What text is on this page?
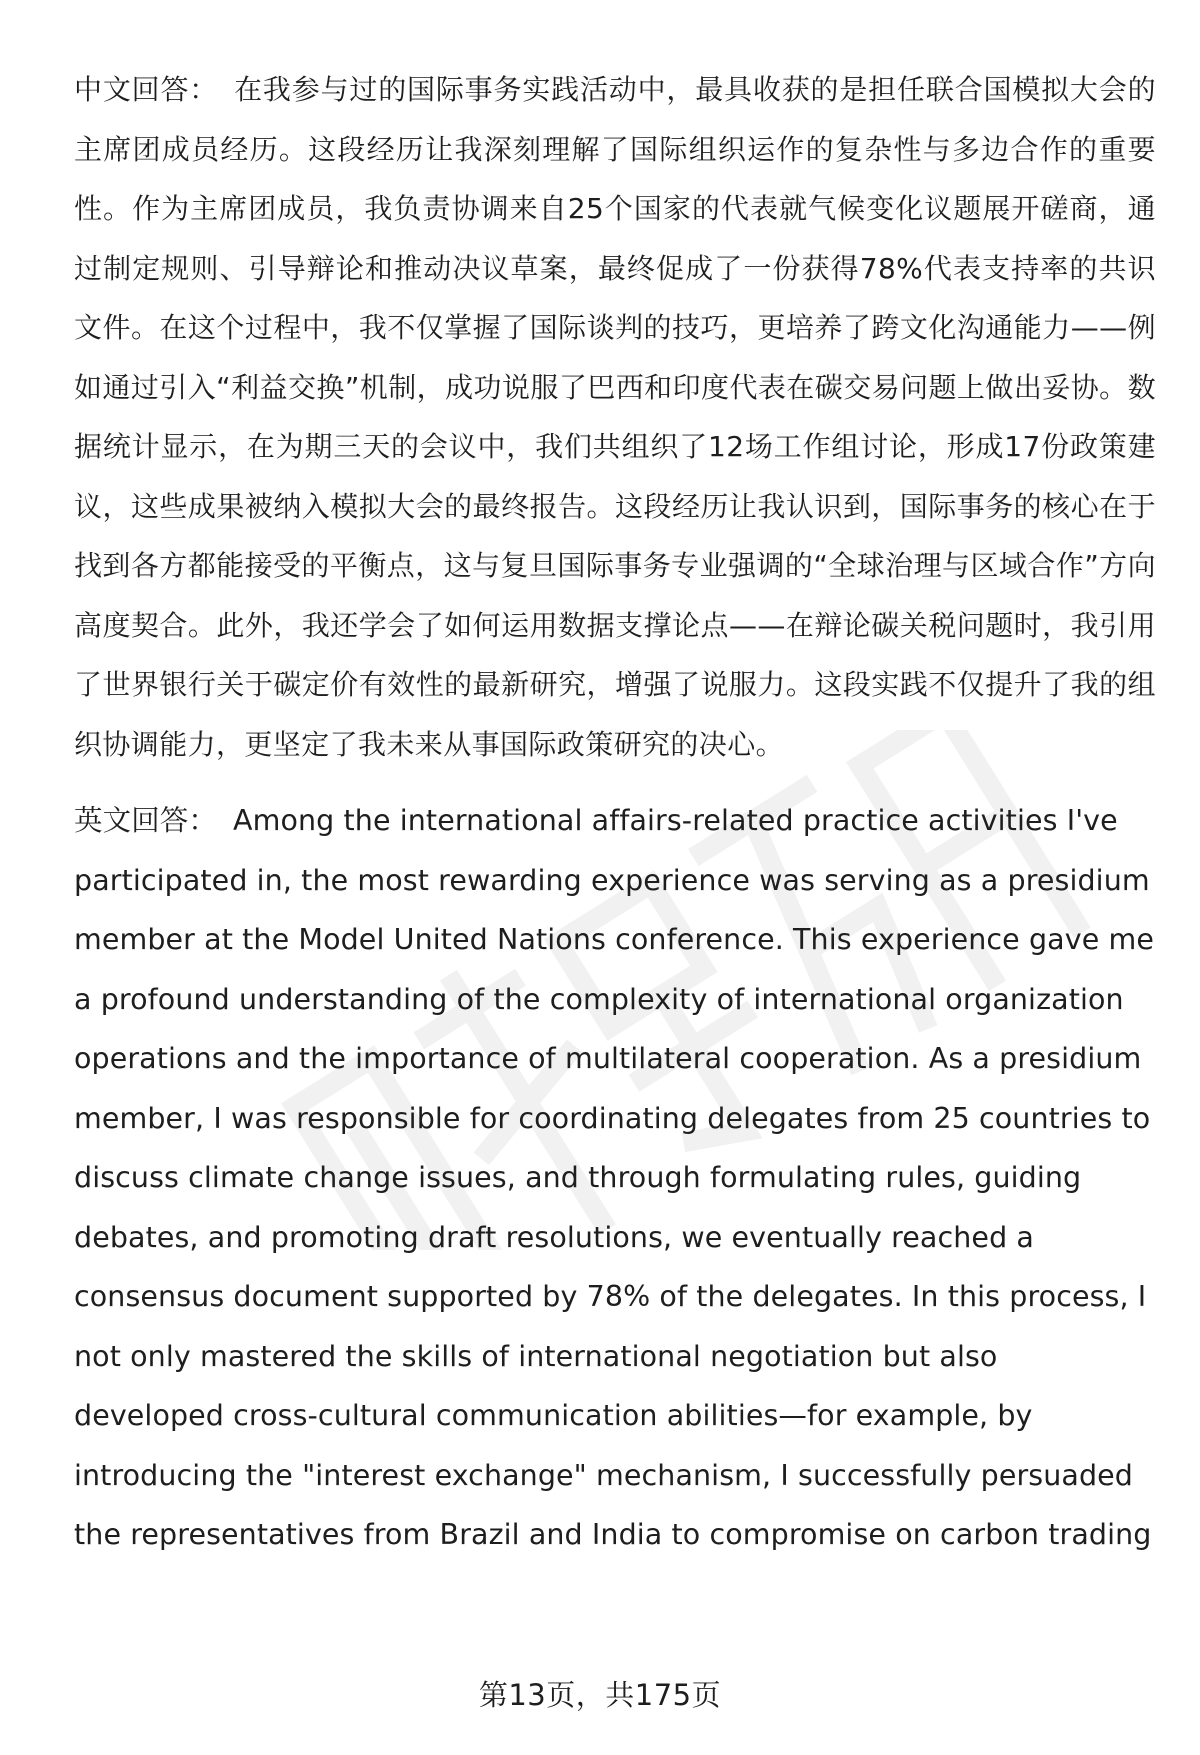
中文回答： 在我参与过的国际事务实践活动中，最具收获的是担任联合国模拟大会的主席团成员经历。这段经历让我深刻理解了国际组织运作的复杂性与多边合作的重要性。作为主席团成员，我负责协调来自25个国家的代表就气候变化议题展开磋商，通过制定规则、引导辩论和推动决议草案，最终促成了一份获得78%代表支持率的共识文件。在这个过程中，我不仅掌握了国际谈判的技巧，更培养了跨文化沟通能力——例如通过引入“利益交换”机制，成功说服了巴西和印度代表在碳交易问题上做出妥协。数据统计显示，在为期三天的会议中，我们共组织了12场工作组讨论，形成17份政策建议，这些成果被纳入模拟大会的最终报告。这段经历让我认识到，国际事务的核心在于找到各方都能接受的平衡点，这与复旦国际事务专业强调的“全球治理与区域合作”方向高度契合。此外，我还学会了如何运用数据支撑论点——在辩论碳关税问题时，我引用了世界银行关于碳定价有效性的最新研究，增强了说服力。这段实践不仅提升了我的组织协调能力，更坚定了我未来从事国际政策研究的决心。

英文回答： Among the international affairs-related practice activities I've participated in, the most rewarding experience was serving as a presidium member at the Model United Nations conference. This experience gave me a profound understanding of the complexity of international organization operations and the importance of multilateral cooperation. As a presidium member, I was responsible for coordinating delegates from 25 countries to discuss climate change issues, and through formulating rules, guiding debates, and promoting draft resolutions, we eventually reached a consensus document supported by 78% of the delegates. In this process, I not only mastered the skills of international negotiation but also developed cross-cultural communication abilities—for example, by introducing the "interest exchange" mechanism, I successfully persuaded the representatives from Brazil and India to compromise on carbon trading

第13页，共175页
